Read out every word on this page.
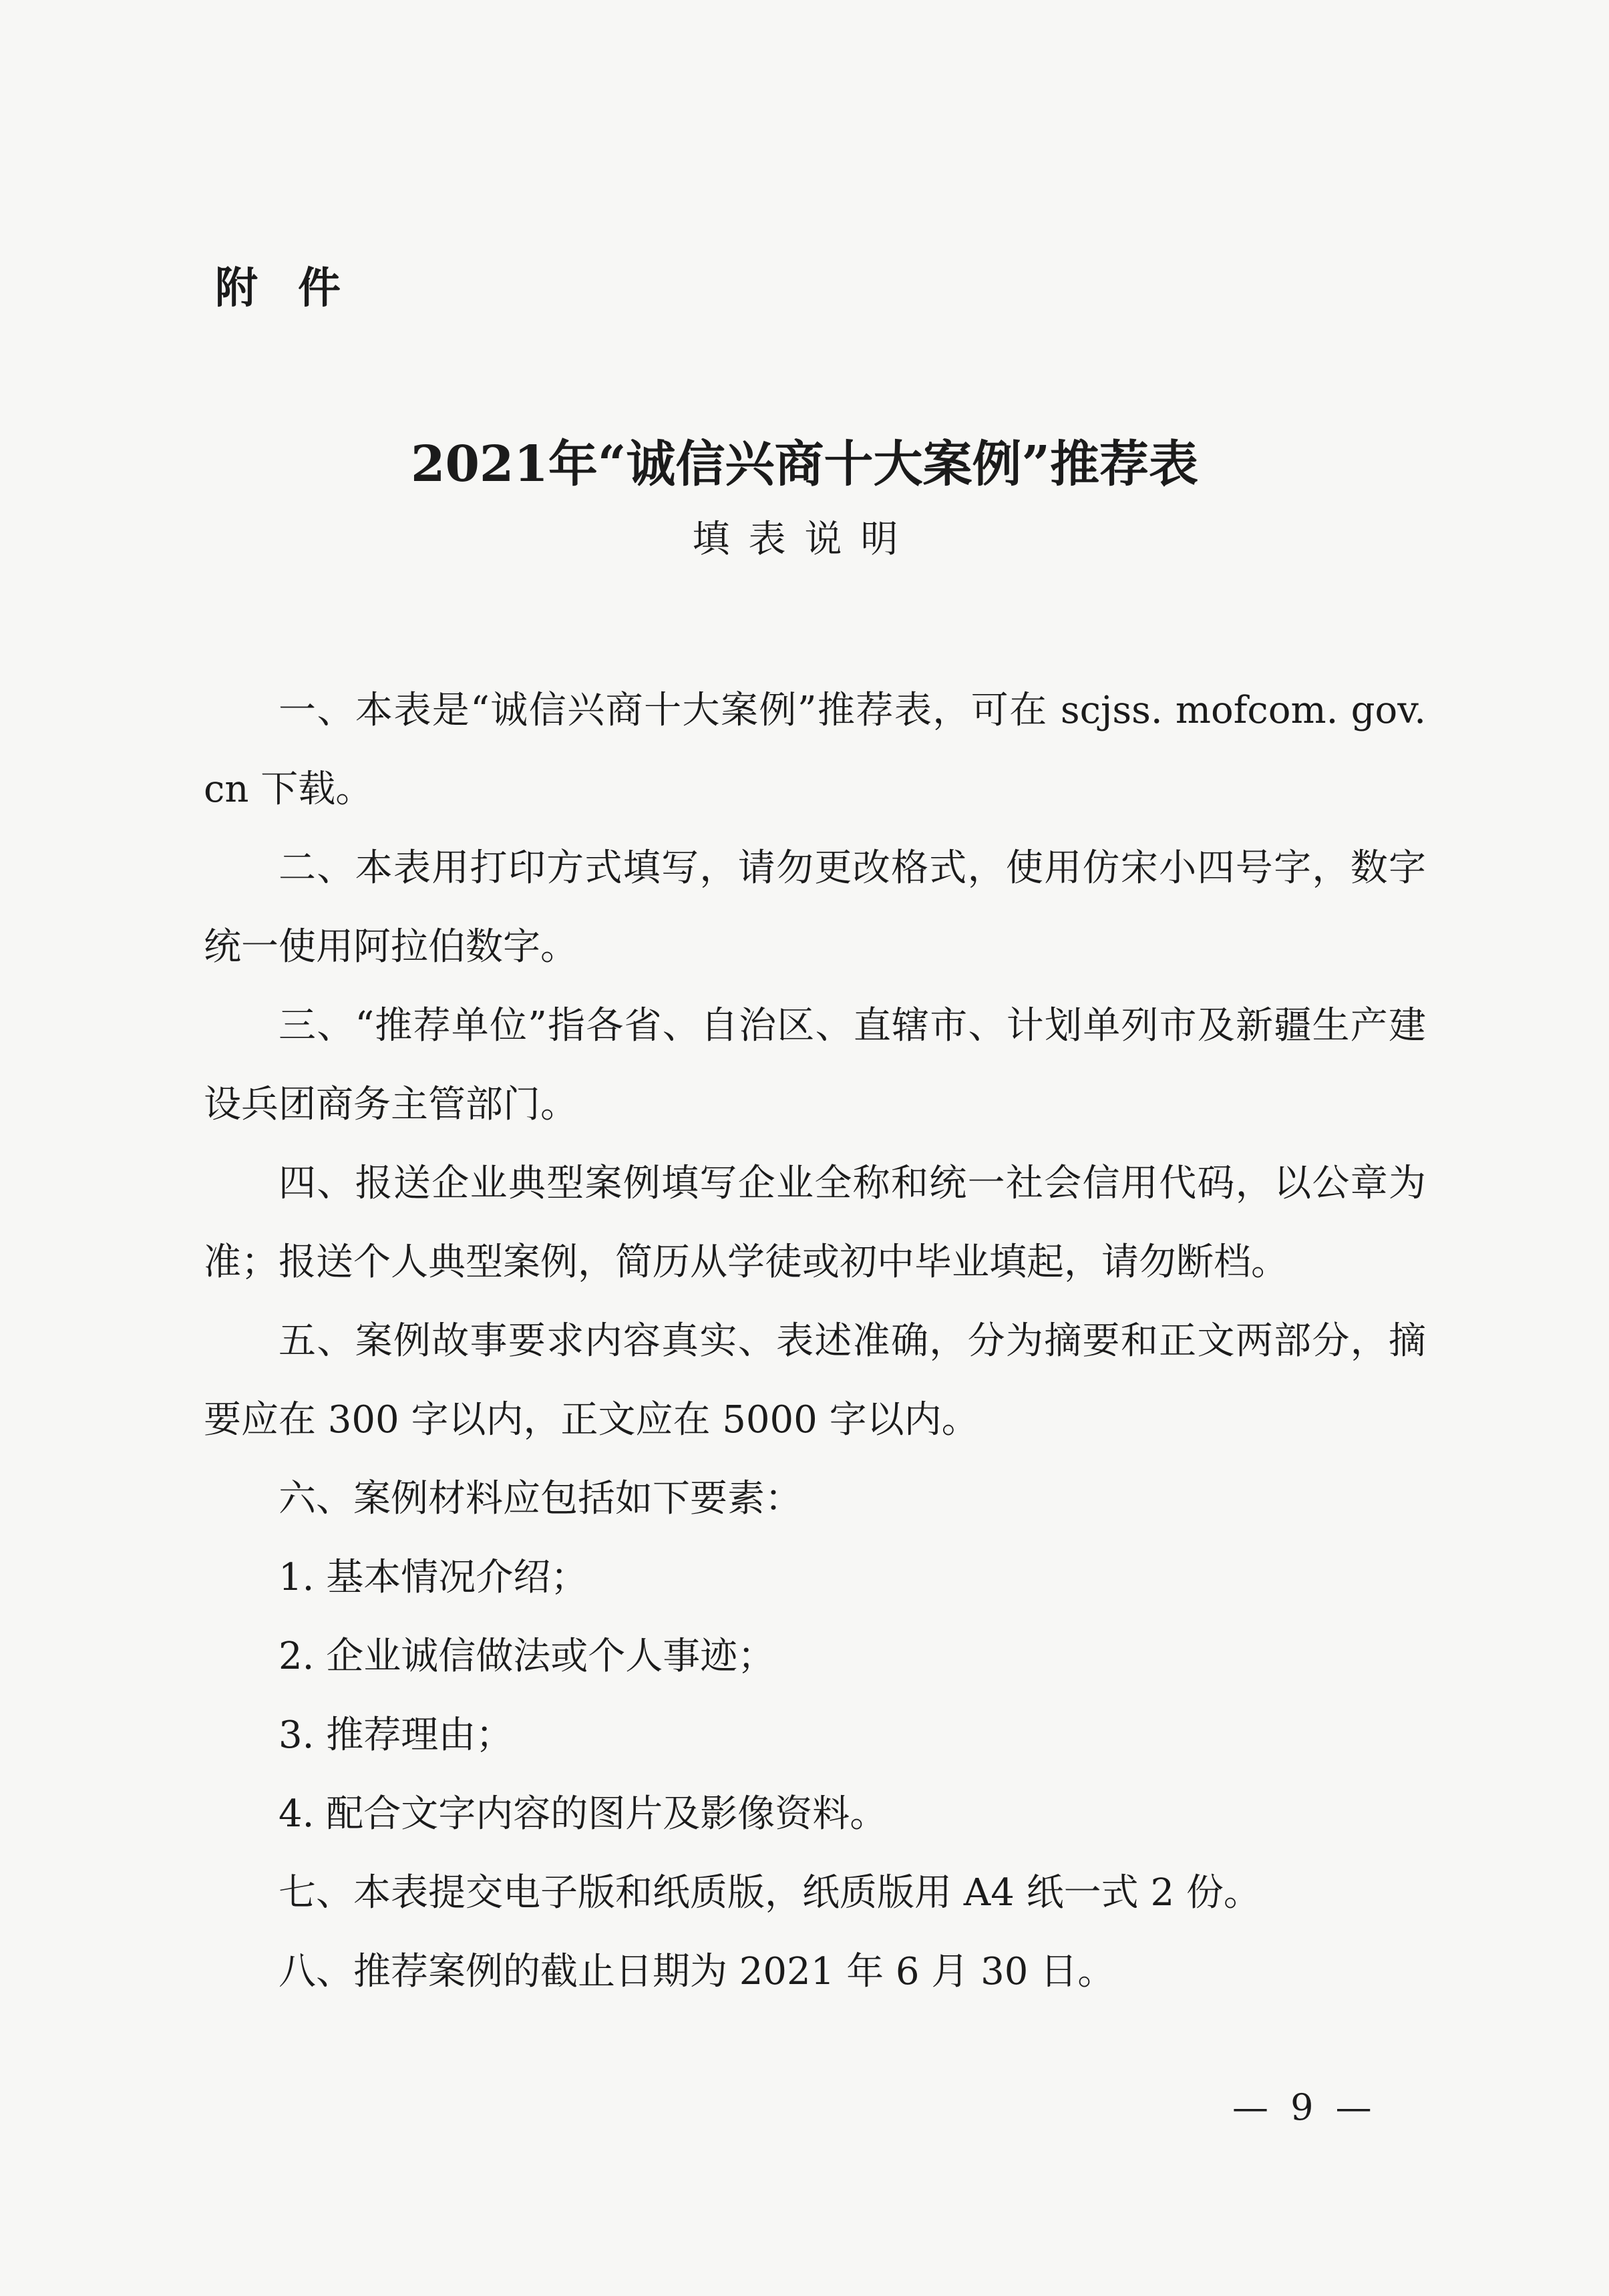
附件
2021年“诚信兴商十大案例”推荐表
填表说明

一、本表是“诚信兴商十大案例”推荐表，可在 scjss. mofcom. gov. cn 下载。

二、本表用打印方式填写，请勿更改格式，使用仿宋小四号字，数字统一使用阿拉伯数字。

三、“推荐单位”指各省、自治区、直辖市、计划单列市及新疆生产建设兵团商务主管部门。

四、报送企业典型案例填写企业全称和统一社会信用代码，以公章为准；报送个人典型案例，简历从学徒或初中毕业填起，请勿断档。

五、案例故事要求内容真实、表述准确，分为摘要和正文两部分，摘要应在 300 字以内，正文应在 5000 字以内。

六、案例材料应包括如下要素：

1. 基本情况介绍；

2. 企业诚信做法或个人事迹；

3. 推荐理由；

4. 配合文字内容的图片及影像资料。

七、本表提交电子版和纸质版，纸质版用 A4 纸一式 2 份。

八、推荐案例的截止日期为 2021 年 6 月 30 日。

— 9 —
